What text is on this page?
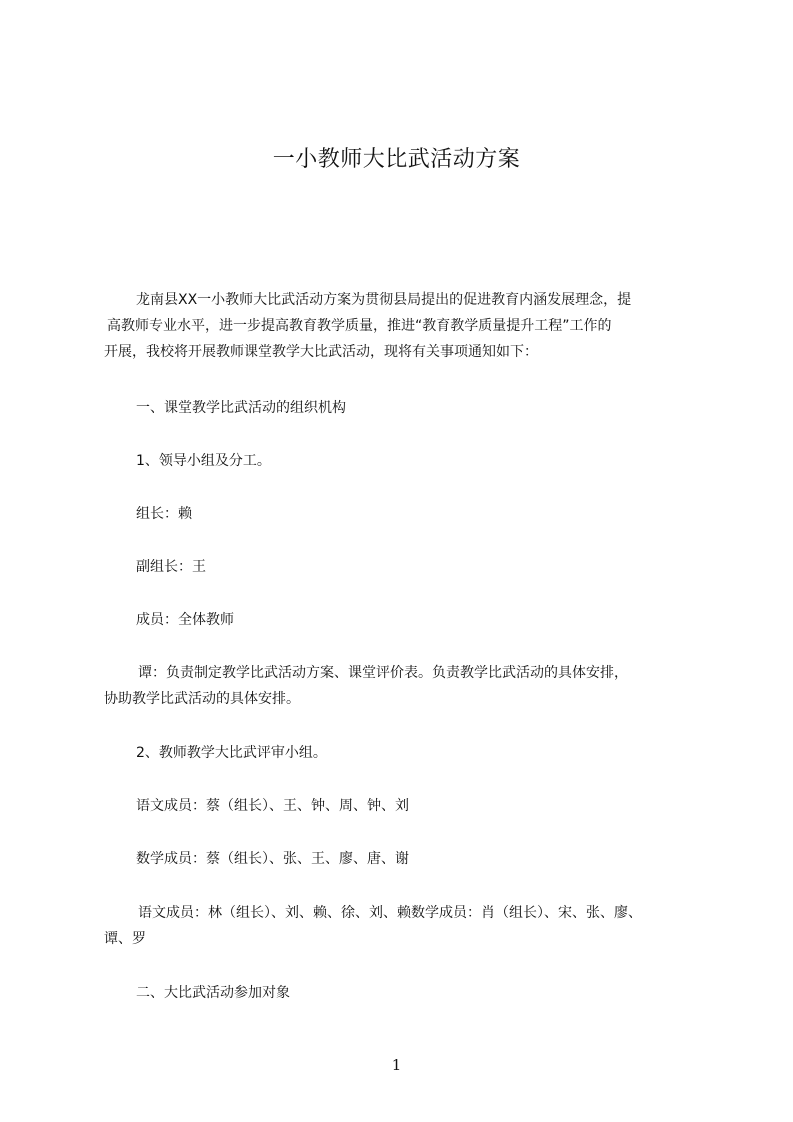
一小教师大比武活动方案
龙南县XX一小教师大比武活动方案为贯彻县局提出的促进教育内涵发展理念，提
高教师专业水平，进一步提高教育教学质量，推进“教育教学质量提升工程”工作的
开展，我校将开展教师课堂教学大比武活动，现将有关事项通知如下：
一、课堂教学比武活动的组织机构
1、领导小组及分工。
组长：赖
副组长：王
成员：全体教师
谭：负责制定教学比武活动方案、课堂评价表。负责教学比武活动的具体安排，
协助教学比武活动的具体安排。
2、教师教学大比武评审小组。
语文成员：蔡（组长）、王、钟、周、钟、刘
数学成员：蔡（组长）、张、王、廖、唐、谢
语文成员：林（组长）、刘、赖、徐、刘、赖数学成员：肖（组长）、宋、张、廖、
谭、罗
二、大比武活动参加对象
1
